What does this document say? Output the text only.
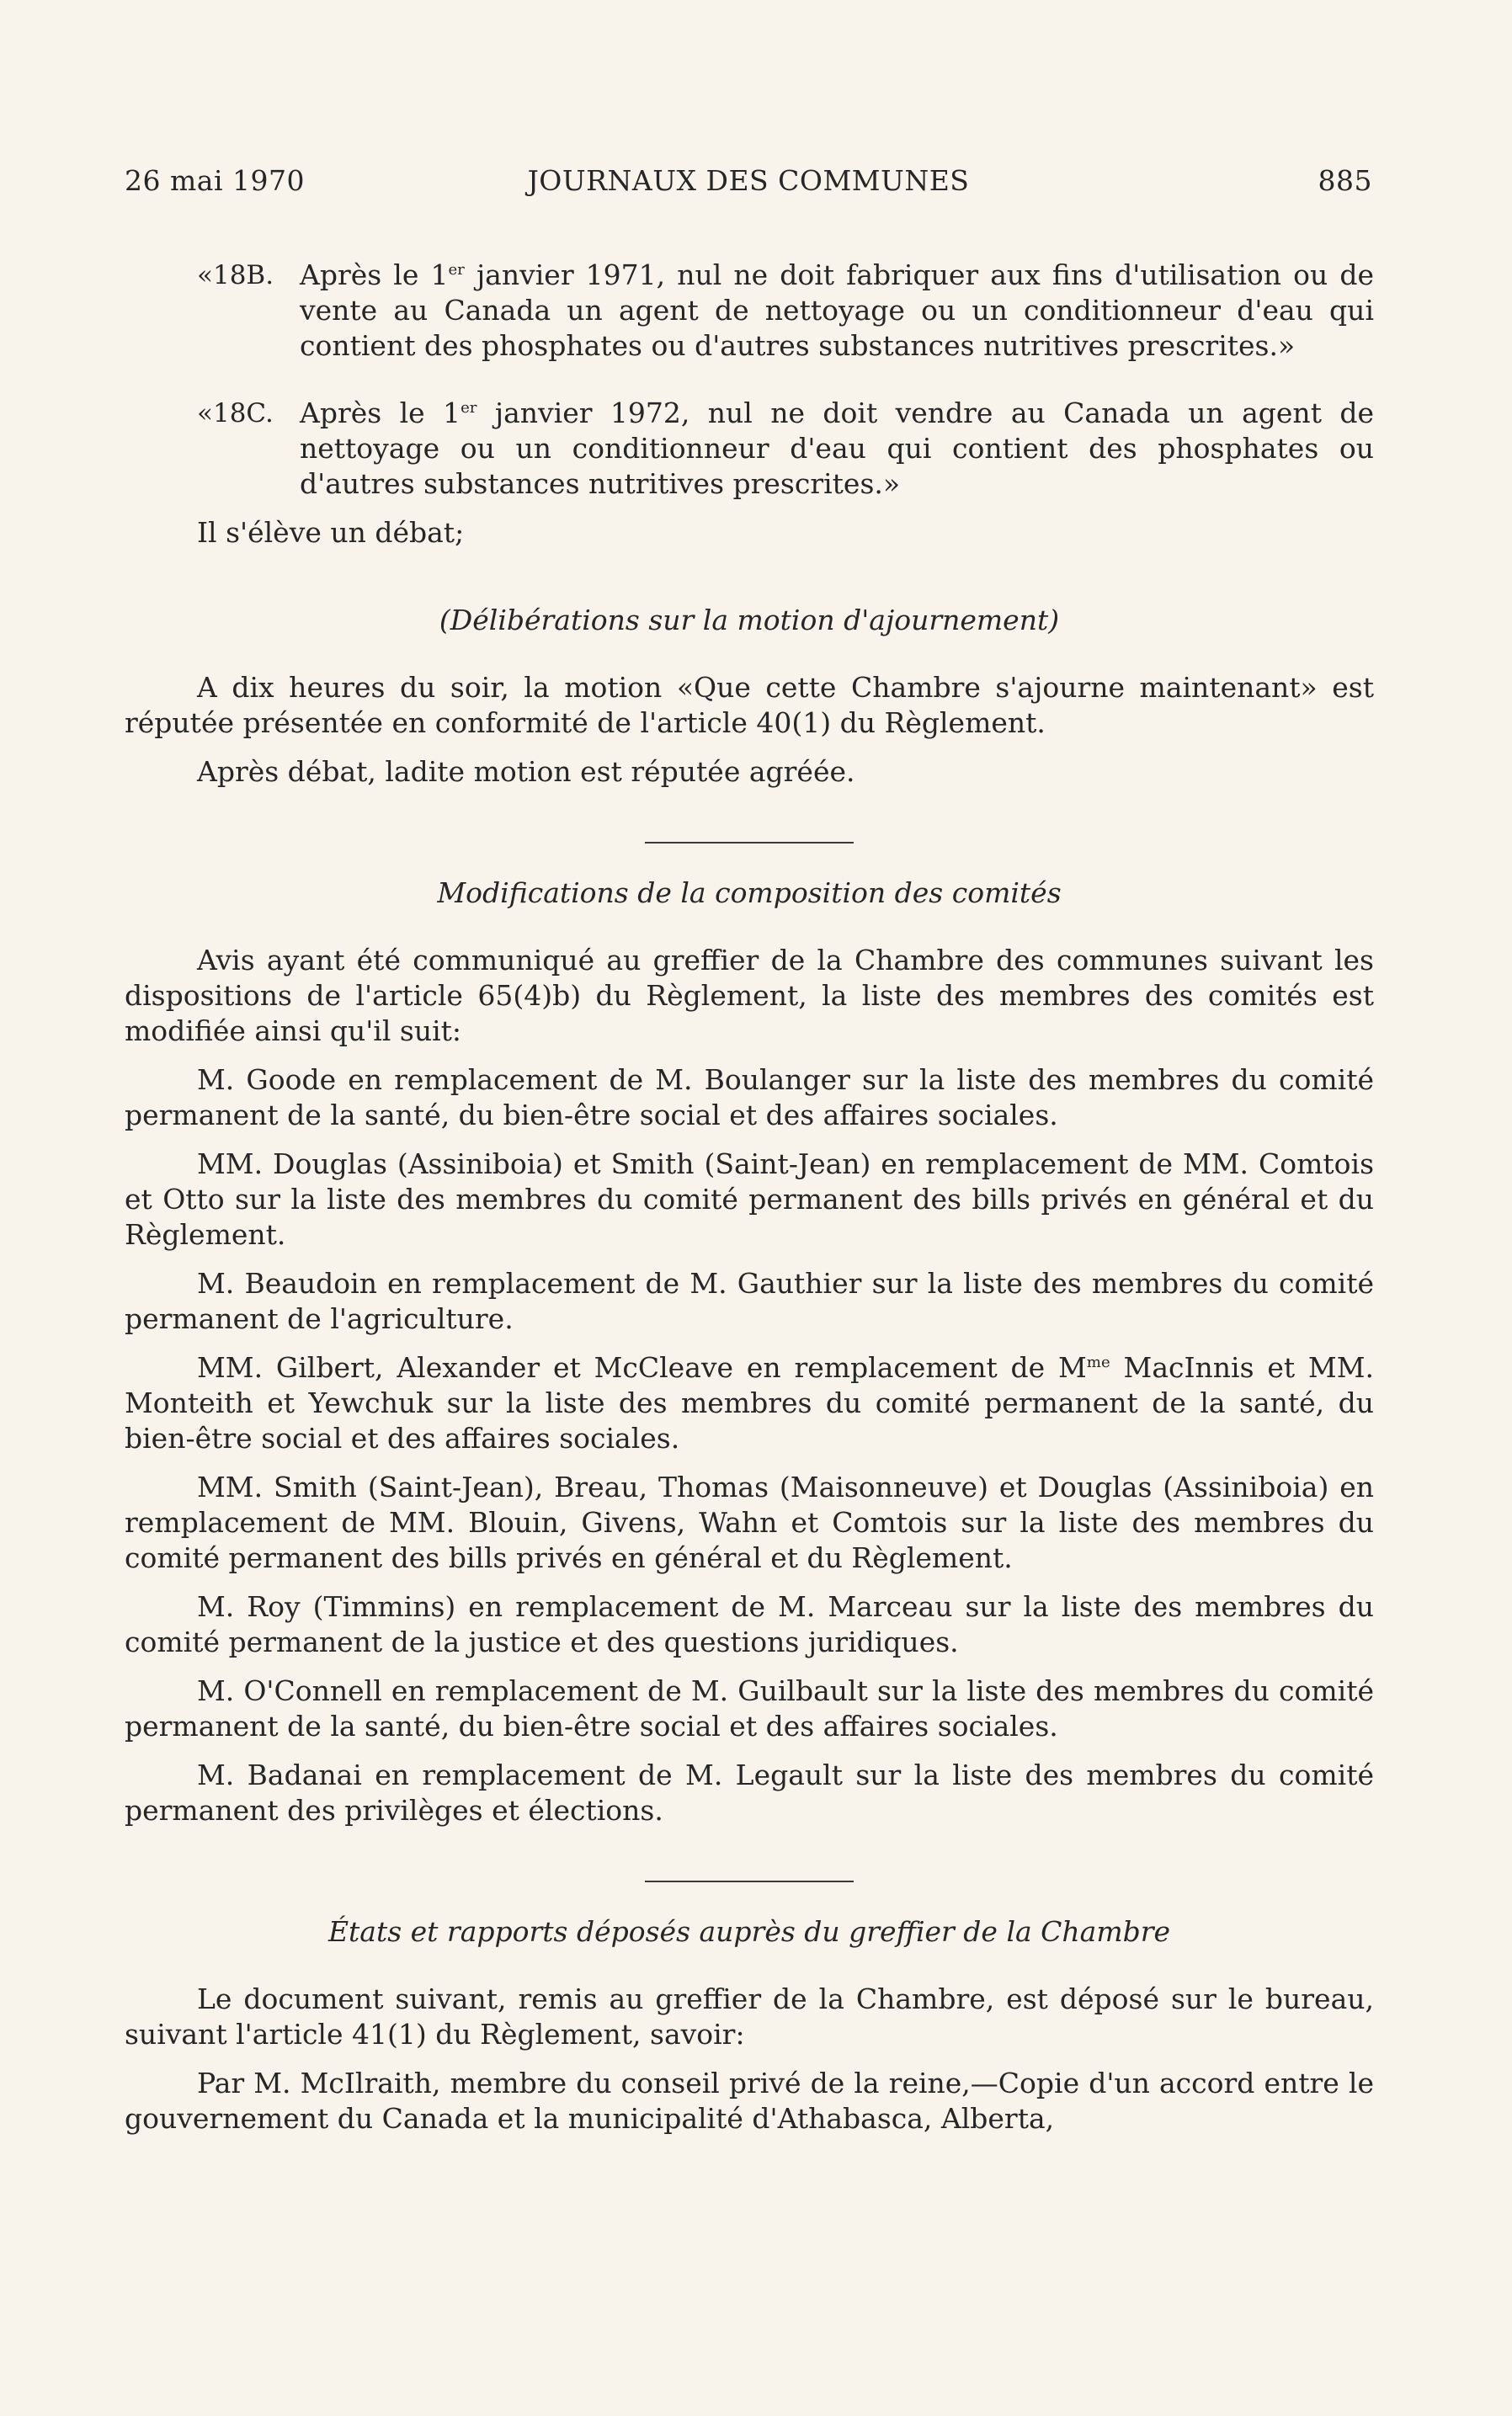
26 mai 1970	JOURNAUX DES COMMUNES	885
«18B. Après le 1er janvier 1971, nul ne doit fabriquer aux fins d'utilisation ou de vente au Canada un agent de nettoyage ou un conditionneur d'eau qui contient des phosphates ou d'autres substances nutritives prescrites.»
«18C. Après le 1er janvier 1972, nul ne doit vendre au Canada un agent de nettoyage ou un conditionneur d'eau qui contient des phosphates ou d'autres substances nutritives prescrites.»

Il s'élève un débat;

(Délibérations sur la motion d'ajournement)

A dix heures du soir, la motion «Que cette Chambre s'ajourne maintenant» est réputée présentée en conformité de l'article 40(1) du Règlement.

Après débat, ladite motion est réputée agréée.

Modifications de la composition des comités

Avis ayant été communiqué au greffier de la Chambre des communes suivant les dispositions de l'article 65(4)b) du Règlement, la liste des membres des comités est modifiée ainsi qu'il suit:

M. Goode en remplacement de M. Boulanger sur la liste des membres du comité permanent de la santé, du bien-être social et des affaires sociales.

MM. Douglas (Assiniboia) et Smith (Saint-Jean) en remplacement de MM. Comtois et Otto sur la liste des membres du comité permanent des bills privés en général et du Règlement.

M. Beaudoin en remplacement de M. Gauthier sur la liste des membres du comité permanent de l'agriculture.

MM. Gilbert, Alexander et McCleave en remplacement de $M^{me}$ MacInnis et MM. Monteith et Yewchuk sur la liste des membres du comité permanent de la santé, du bien-être social et des affaires sociales.

MM. Smith (Saint-Jean), Breau, Thomas (Maisonneuve) et Douglas (Assiniboia) en remplacement de MM. Blouin, Givens, Wahn et Comtois sur la liste des membres du comité permanent des bills privés en général et du Règlement.

M. Roy (Timmins) en remplacement de M. Marceau sur la liste des membres du comité permanent de la justice et des questions juridiques.

M. O'Connell en remplacement de M. Guilbault sur la liste des membres du comité permanent de la santé, du bien-être social et des affaires sociales.

M. Badanai en remplacement de M. Legault sur la liste des membres du comité permanent des privilèges et élections.

États et rapports déposés auprès du greffier de la Chambre

Le document suivant, remis au greffier de la Chambre, est déposé sur le bureau, suivant l'article 41(1) du Règlement, savoir:

Par M. McIlraith, membre du conseil privé de la reine,—Copie d'un accord entre le gouvernement du Canada et la municipalité d'Athabasca, Alberta,
